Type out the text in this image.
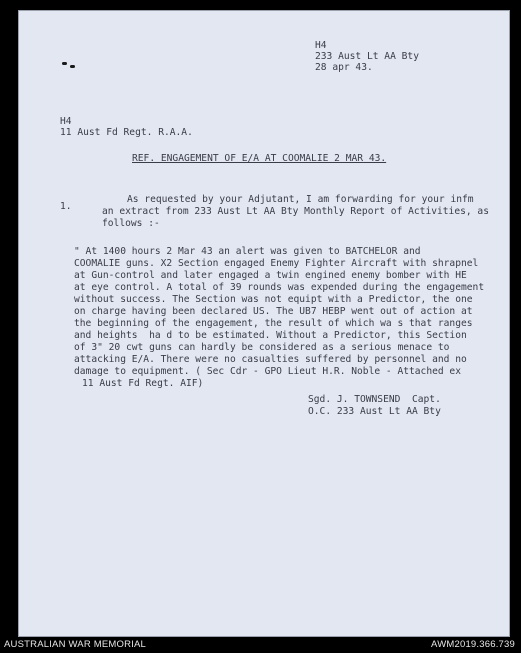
H4
233 Aust Lt AA Bty
28 apr 43.
H4
11 Aust Fd Regt. R.A.A.
REF. ENGAGEMENT OF E/A AT COOMALIE 2 MAR 43.
1.
As requested by your Adjutant, I am forwarding for your infm
an extract from 233 Aust Lt AA Bty Monthly Report of Activities, as
follows :-
" At 1400 hours 2 Mar 43 an alert was given to BATCHELOR and
COOMALIE guns. X2 Section engaged Enemy Fighter Aircraft with shrapnel
at Gun-control and later engaged a twin engined enemy bomber with HE
at eye control. A total of 39 rounds was expended during the engagement
without success. The Section was not equipt with a Predictor, the one
on charge having been declared US. The UB7 HEBP went out of action at
the beginning of the engagement, the result of which wa s that ranges
and heights  ha d to be estimated. Without a Predictor, this Section
of 3" 20 cwt guns can hardly be considered as a serious menace to
attacking E/A. There were no casualties suffered by personnel and no
damage to equipment. ( Sec Cdr - GPO Lieut H.R. Noble - Attached ex
11 Aust Fd Regt. AIF)
Sgd. J. TOWNSEND  Capt.
O.C. 233 Aust Lt AA Bty
AUSTRALIAN WAR MEMORIAL	AWM2019.366.739
